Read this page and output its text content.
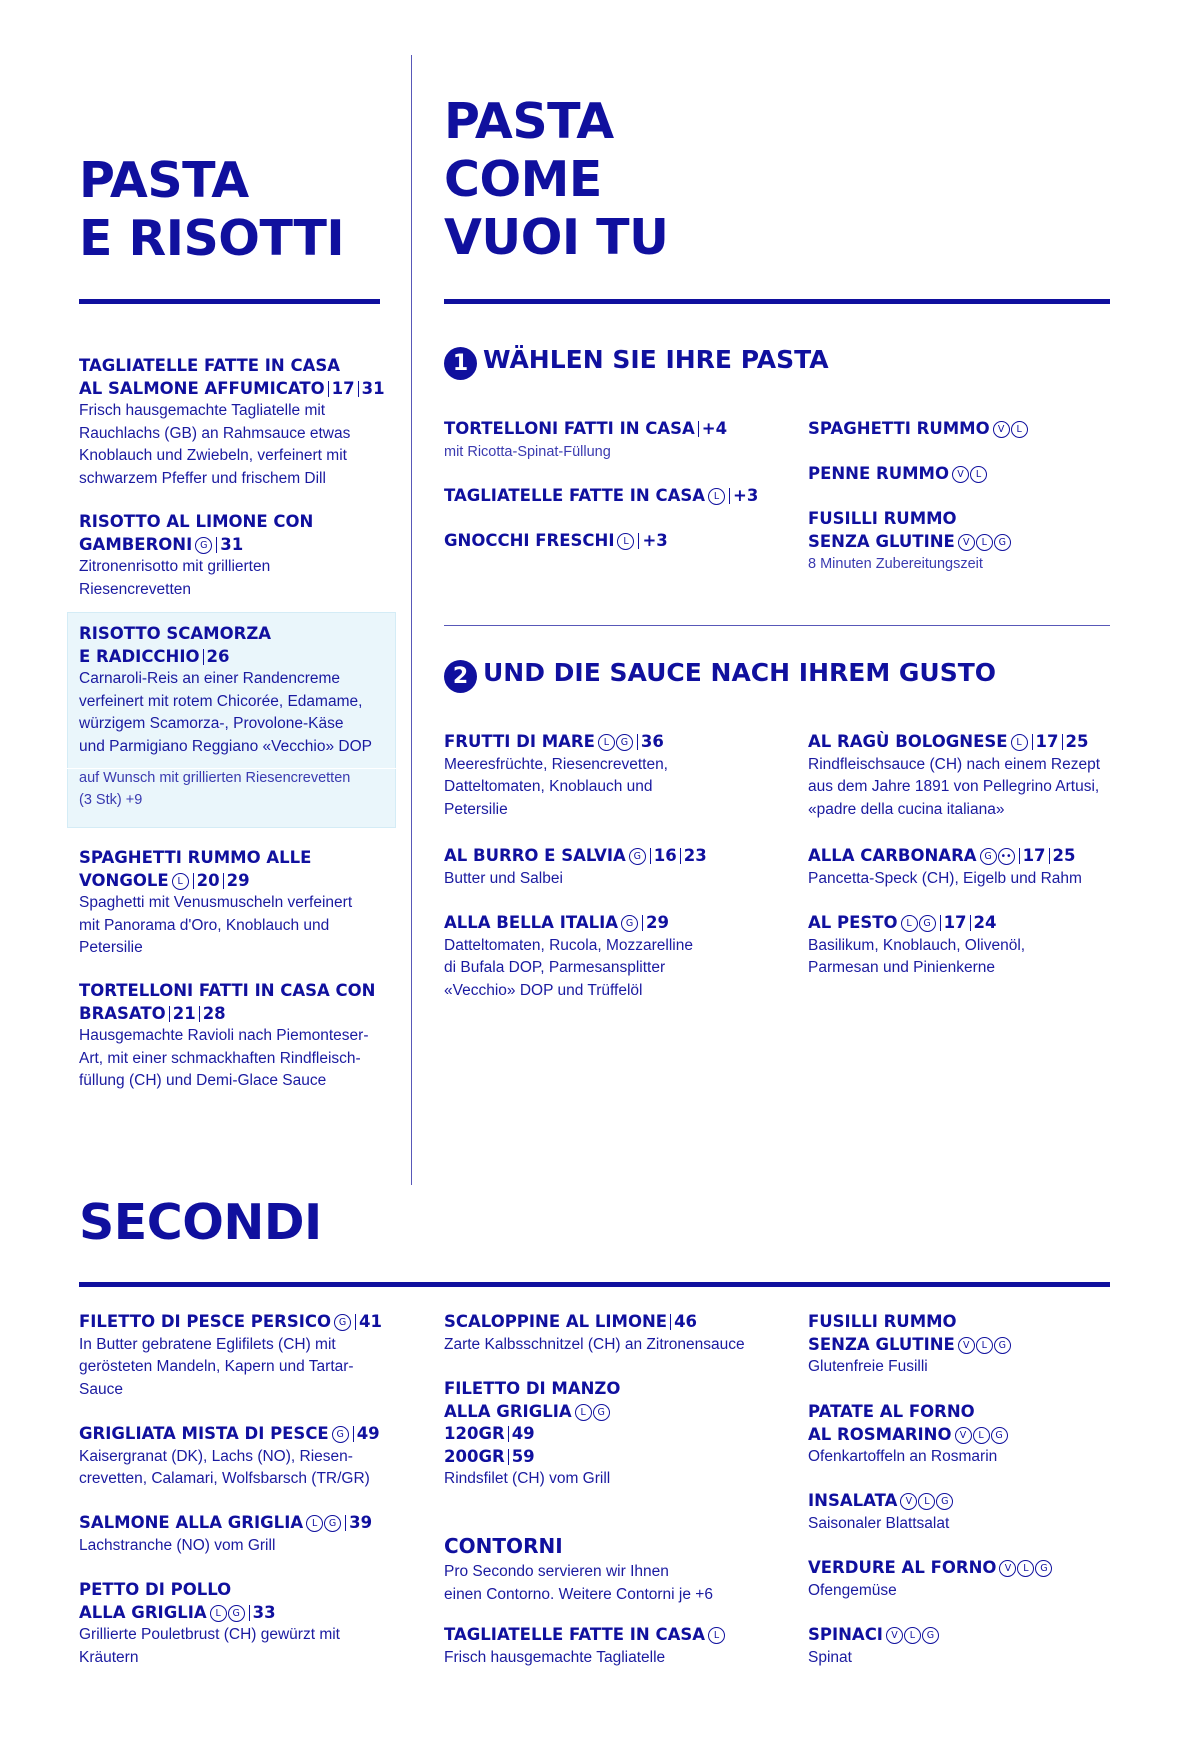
PASTA
E RISOTTI
PASTA
COME
VUOI TU
1 WÄHLEN SIE IHRE PASTA
2 UND DIE SAUCE NACH IHREM GUSTO
SECONDI
TAGLIATELLE FATTE IN CASA
AL SALMONE AFFUMICATO 17 31
Frisch hausgemachte Tagliatelle mit
Rauchlachs (GB) an Rahmsauce etwas
Knoblauch und Zwiebeln, verfeinert mit
schwarzem Pfeffer und frischem Dill
RISOTTO AL LIMONE CON
GAMBERONI G 31
Zitronenrisotto mit grillierten
Riesencrevetten
RISOTTO SCAMORZA
E RADICCHIO 26
Carnaroli-Reis an einer Randencreme
verfeinert mit rotem Chicorée, Edamame,
würzigem Scamorza-, Provolone-Käse
und Parmigiano Reggiano «Vecchio» DOP
auf Wunsch mit grillierten Riesencrevetten
(3 Stk) +9
SPAGHETTI RUMMO ALLE
VONGOLE L 20 29
Spaghetti mit Venusmuscheln verfeinert
mit Panorama d'Oro, Knoblauch und
Petersilie
TORTELLONI FATTI IN CASA CON
BRASATO 21 28
Hausgemachte Ravioli nach Piemonteser-
Art, mit einer schmackhaften Rindfleisch-
füllung (CH) und Demi-Glace Sauce
TORTELLONI FATTI IN CASA +4
mit Ricotta-Spinat-Füllung
TAGLIATELLE FATTE IN CASA L +3
GNOCCHI FRESCHI L +3
SPAGHETTI RUMMO V L
PENNE RUMMO V L
FUSILLI RUMMO
SENZA GLUTINE V L G
8 Minuten Zubereitungszeit
FRUTTI DI MARE L G 36
Meeresfrüchte, Riesencrevetten,
Datteltomaten, Knoblauch und
Petersilie
AL BURRO E SALVIA G 16 23
Butter und Salbei
ALLA BELLA ITALIA G 29
Datteltomaten, Rucola, Mozzarelline
di Bufala DOP, Parmesansplitter
«Vecchio» DOP und Trüffelöl
AL RAGÙ BOLOGNESE L 17 25
Rindfleischsauce (CH) nach einem Rezept
aus dem Jahre 1891 von Pellegrino Artusi,
«padre della cucina italiana»
ALLA CARBONARA G •• 17 25
Pancetta-Speck (CH), Eigelb und Rahm
AL PESTO L G 17 24
Basilikum, Knoblauch, Olivenöl,
Parmesan und Pinienkerne
FILETTO DI PESCE PERSICO G 41
In Butter gebratene Eglifilets (CH) mit
gerösteten Mandeln, Kapern und Tartar-
Sauce
GRIGLIATA MISTA DI PESCE G 49
Kaisergranat (DK), Lachs (NO), Riesen-
crevetten, Calamari, Wolfsbarsch (TR/GR)
SALMONE ALLA GRIGLIA L G 39
Lachstranche (NO) vom Grill
PETTO DI POLLO
ALLA GRIGLIA L G 33
Grillierte Pouletbrust (CH) gewürzt mit
Kräutern
SCALOPPINE AL LIMONE 46
Zarte Kalbsschnitzel (CH) an Zitronensauce
FILETTO DI MANZO
ALLA GRIGLIA L G
120GR 49
200GR 59
Rindsfilet (CH) vom Grill
CONTORNI
Pro Secondo servieren wir Ihnen
einen Contorno. Weitere Contorni je +6
TAGLIATELLE FATTE IN CASA L
Frisch hausgemachte Tagliatelle
FUSILLI RUMMO
SENZA GLUTINE V L G
Glutenfreie Fusilli
PATATE AL FORNO
AL ROSMARINO V L G
Ofenkartoffeln an Rosmarin
INSALATA V L G
Saisonaler Blattsalat
VERDURE AL FORNO V L G
Ofengemüse
SPINACI V L G
Spinat
